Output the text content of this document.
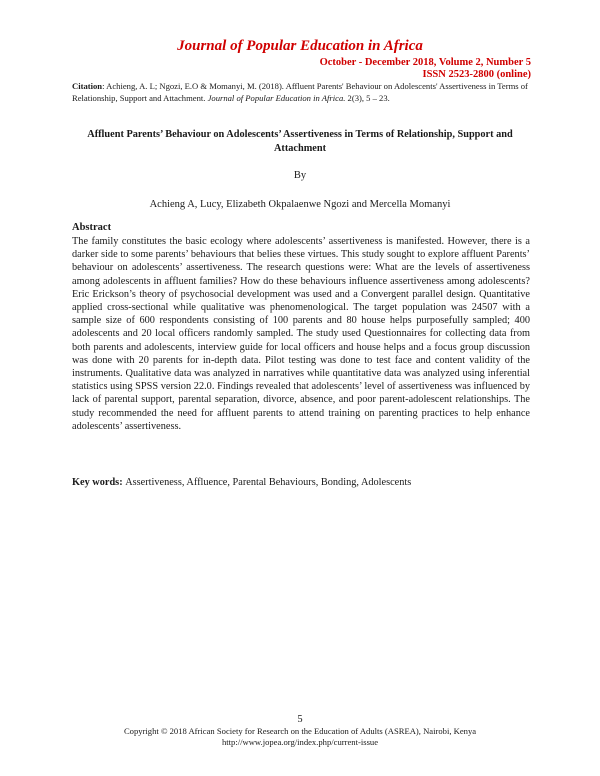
Journal of Popular Education in Africa
October - December 2018, Volume 2, Number 5
ISSN 2523-2800 (online)
Citation: Achieng, A. L; Ngozi, E.O & Momanyi, M. (2018). Affluent Parents' Behaviour on Adolescents' Assertiveness in Terms of Relationship, Support and Attachment. Journal of Popular Education in Africa. 2(3), 5 – 23.
Affluent Parents’ Behaviour on Adolescents’ Assertiveness in Terms of Relationship, Support and Attachment
By
Achieng A, Lucy, Elizabeth Okpalaenwe Ngozi and Mercella Momanyi
Abstract

The family constitutes the basic ecology where adolescents’ assertiveness is manifested. However, there is a darker side to some parents’ behaviours that belies these virtues. This study sought to explore affluent Parents’ behaviour on adolescents’ assertiveness. The research questions were: What are the levels of assertiveness among adolescents in affluent families? How do these behaviours influence assertiveness among adolescents? Eric Erickson’s theory of psychosocial development was used and a Convergent parallel design. Quantitative applied cross-sectional while qualitative was phenomenological. The target population was 24507 with a sample size of 600 respondents consisting of 100 parents and 80 house helps purposefully sampled; 400 adolescents and 20 local officers randomly sampled. The study used Questionnaires for collecting data from both parents and adolescents, interview guide for local officers and house helps and a focus group discussion was done with 20 parents for in-depth data. Pilot testing was done to test face and content validity of the instruments. Qualitative data was analyzed in narratives while quantitative data was analyzed using inferential statistics using SPSS version 22.0. Findings revealed that adolescents’ level of assertiveness was influenced by lack of parental support, parental separation, divorce, absence, and poor parent-adolescent relationships. The study recommended the need for affluent parents to attend training on parenting practices to help enhance adolescents’ assertiveness.

Key words: Assertiveness, Affluence, Parental Behaviours, Bonding, Adolescents
5
Copyright © 2018 African Society for Research on the Education of Adults (ASREA), Nairobi, Kenya
http://www.jopea.org/index.php/current-issue
